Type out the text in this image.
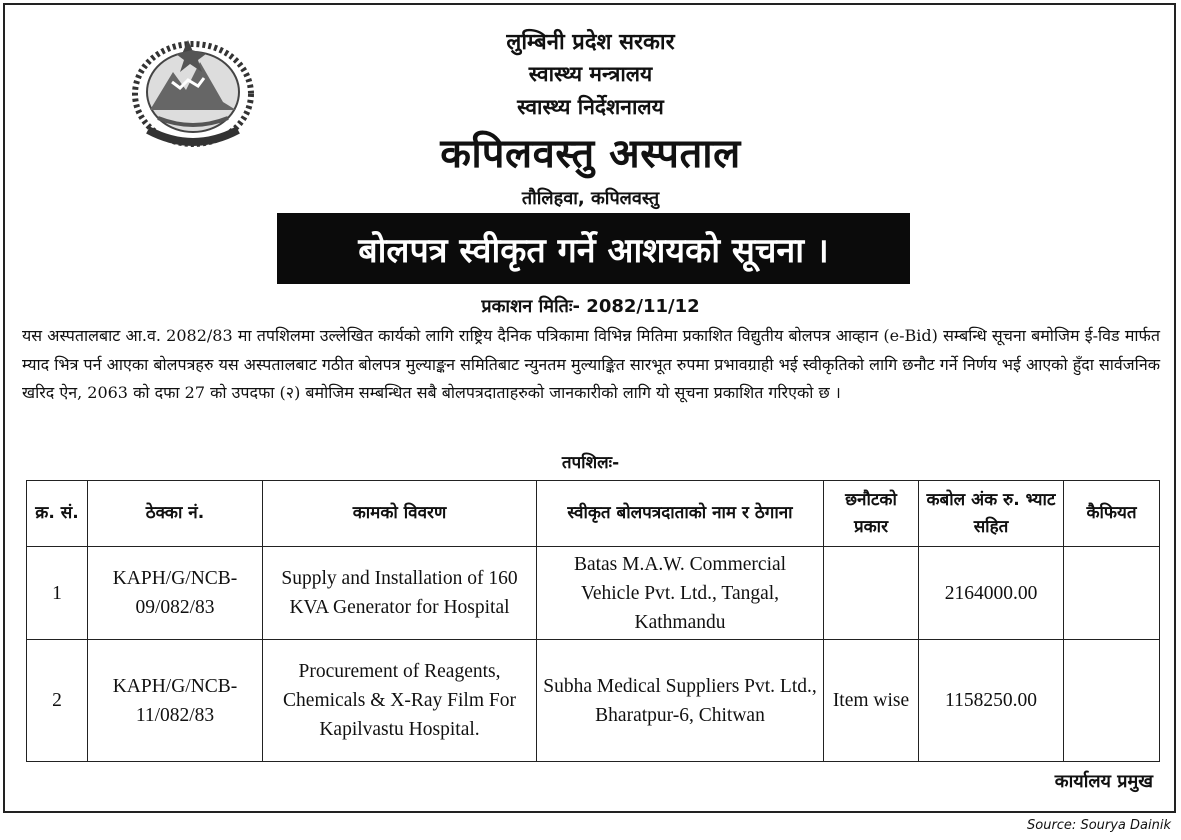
लुम्बिनी प्रदेश सरकार
स्वास्थ्य मन्त्रालय
स्वास्थ्य निर्देशनालय
कपिलवस्तु अस्पताल
तौलिहवा, कपिलवस्तु
बोलपत्र स्वीकृत गर्ने आशयको सूचना ।
प्रकाशन मितिः- 2082/11/12
यस अस्पतालबाट आ.व. 2082/83 मा तपशिलमा उल्लेखित कार्यको लागि राष्ट्रिय दैनिक पत्रिकामा विभिन्न मितिमा प्रकाशित विद्युतीय बोलपत्र आव्हान (e-Bid) सम्बन्धि सूचना बमोजिम ई-विड मार्फत म्याद भित्र पर्न आएका बोलपत्रहरु यस अस्पतालबाट गठीत बोलपत्र मुल्याङ्कन समितिबाट न्युनतम मुल्याङ्कित सारभूत रुपमा प्रभावग्राही भई स्वीकृतिको लागि छनौट गर्ने निर्णय भई आएको हुँदा सार्वजनिक खरिद ऐन, 2063 को दफा 27 को उपदफा (२) बमोजिम सम्बन्धित सबै बोलपत्रदाताहरुको जानकारीको लागि यो सूचना प्रकाशित गरिएको छ ।
तपशिलः-
क्र. सं.	ठेक्का नं.	कामको विवरण	स्वीकृत बोलपत्रदाताको नाम र ठेगाना	छनौटको प्रकार	कबोल अंक रु. भ्याट सहित	कैफियत
1	KAPH/G/NCB-09/082/83	Supply and Installation of 160 KVA Generator for Hospital	Batas M.A.W. Commercial Vehicle Pvt. Ltd., Tangal, Kathmandu		2164000.00	
2	KAPH/G/NCB-11/082/83	Procurement of Reagents, Chemicals & X-Ray Film For Kapilvastu Hospital.	Subha Medical Suppliers Pvt. Ltd., Bharatpur-6, Chitwan	Item wise	1158250.00	
कार्यालय प्रमुख
Source: Sourya Dainik
